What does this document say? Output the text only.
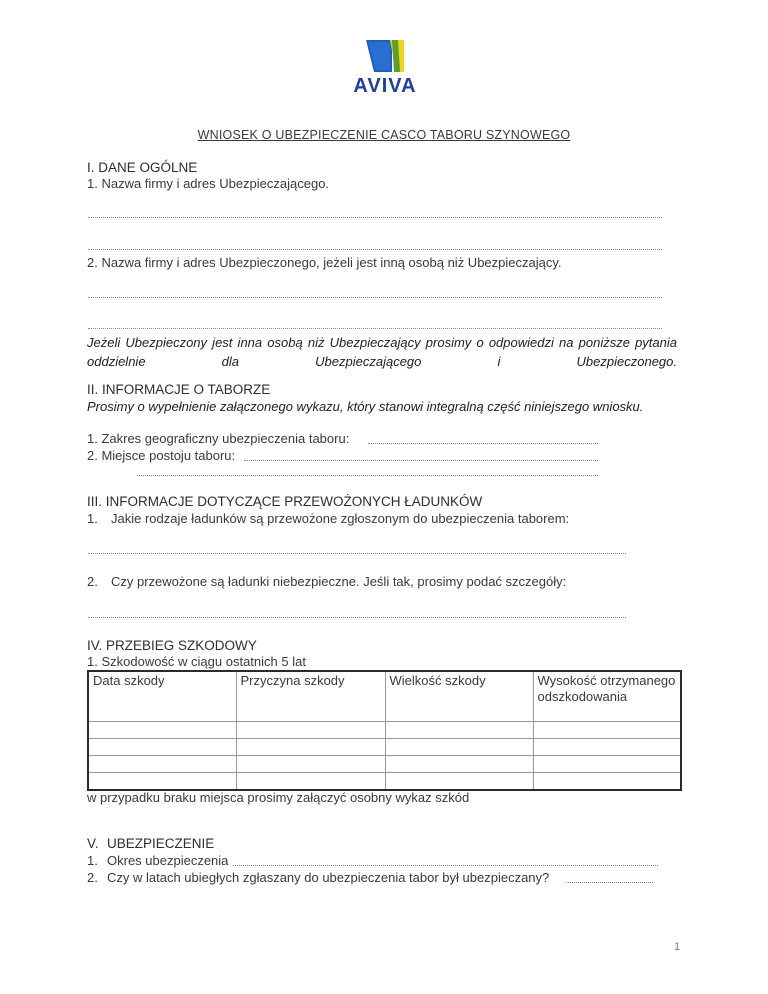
AVIVA
WNIOSEK O UBEZPIECZENIE CASCO TABORU SZYNOWEGO
I. DANE OGÓLNE
1. Nazwa firmy i adres Ubezpieczającego.
2. Nazwa firmy i adres Ubezpieczonego, jeżeli jest inną osobą niż Ubezpieczający.
Jeżeli Ubezpieczony jest inna osobą niż Ubezpieczający prosimy o odpowiedzi na poniższe pytania oddzielnie dla Ubezpieczającego i Ubezpieczonego.
II. INFORMACJE O TABORZE
Prosimy o wypełnienie załączonego wykazu, który stanowi integralną część niniejszego wniosku.
1. Zakres geograficzny ubezpieczenia taboru:
2. Miejsce postoju taboru:
III. INFORMACJE DOTYCZĄCE PRZEWOŻONYCH ŁADUNKÓW
1. Jakie rodzaje ładunków są przewożone zgłoszonym do ubezpieczenia taborem:
2. Czy przewożone są ładunki niebezpieczne. Jeśli tak, prosimy podać szczegóły:
IV. PRZEBIEG SZKODOWY
1. Szkodowość w ciągu ostatnich 5 lat
Data szkody	Przyczyna szkody	Wielkość szkody	Wysokość otrzymanego odszkodowania

w przypadku braku miejsca prosimy załączyć osobny wykaz szkód
V. UBEZPIECZENIE
1. Okres ubezpieczenia
2. Czy w latach ubiegłych zgłaszany do ubezpieczenia tabor był ubezpieczany?
1
